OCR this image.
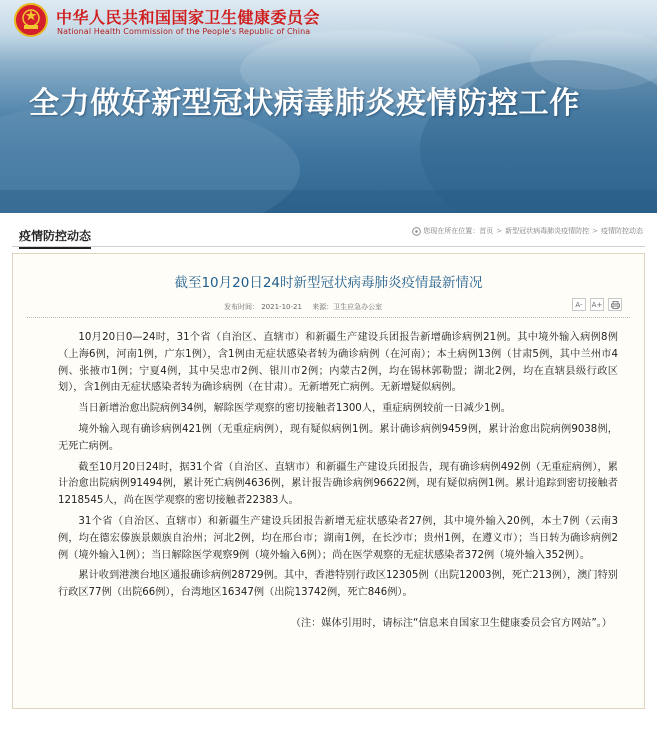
中华人民共和国国家卫生健康委员会
National Health Commission of the People's Republic of China
全力做好新型冠状病毒肺炎疫情防控工作
疫情防控动态	您现在所在位置： 首页 > 新型冠状病毒肺炎疫情防控 > 疫情防控动态
截至10月20日24时新型冠状病毒肺炎疫情最新情况
发布时间： 2021-10-21 来源：卫生应急办公室	A-	A+

10月20日0—24时，31个省（自治区、直辖市）和新疆生产建设兵团报告新增确诊病例21例。其中境外输入病例8例（上海6例，河南1例，广东1例），含1例由无症状感染者转为确诊病例（在河南）；本土病例13例（甘肃5例，其中兰州市4例、张掖市1例；宁夏4例，其中吴忠市2例、银川市2例；内蒙古2例，均在锡林郭勒盟；湖北2例，均在直辖县级行政区划），含1例由无症状感染者转为确诊病例（在甘肃）。无新增死亡病例。无新增疑似病例。

当日新增治愈出院病例34例，解除医学观察的密切接触者1300人，重症病例较前一日减少1例。

境外输入现有确诊病例421例（无重症病例），现有疑似病例1例。累计确诊病例9459例，累计治愈出院病例9038例，无死亡病例。

截至10月20日24时，据31个省（自治区、直辖市）和新疆生产建设兵团报告，现有确诊病例492例（无重症病例），累计治愈出院病例91494例，累计死亡病例4636例，累计报告确诊病例96622例，现有疑似病例1例。累计追踪到密切接触者1218545人，尚在医学观察的密切接触者22383人。

31个省（自治区、直辖市）和新疆生产建设兵团报告新增无症状感染者27例，其中境外输入20例，本土7例（云南3例，均在德宏傣族景颇族自治州；河北2例，均在邢台市；湖南1例，在长沙市；贵州1例，在遵义市）；当日转为确诊病例2例（境外输入1例）；当日解除医学观察9例（境外输入6例）；尚在医学观察的无症状感染者372例（境外输入352例）。

累计收到港澳台地区通报确诊病例28729例。其中，香港特别行政区12305例（出院12003例，死亡213例），澳门特别行政区77例（出院66例），台湾地区16347例（出院13742例，死亡846例）。

（注：媒体引用时，请标注“信息来自国家卫生健康委员会官方网站”。）
